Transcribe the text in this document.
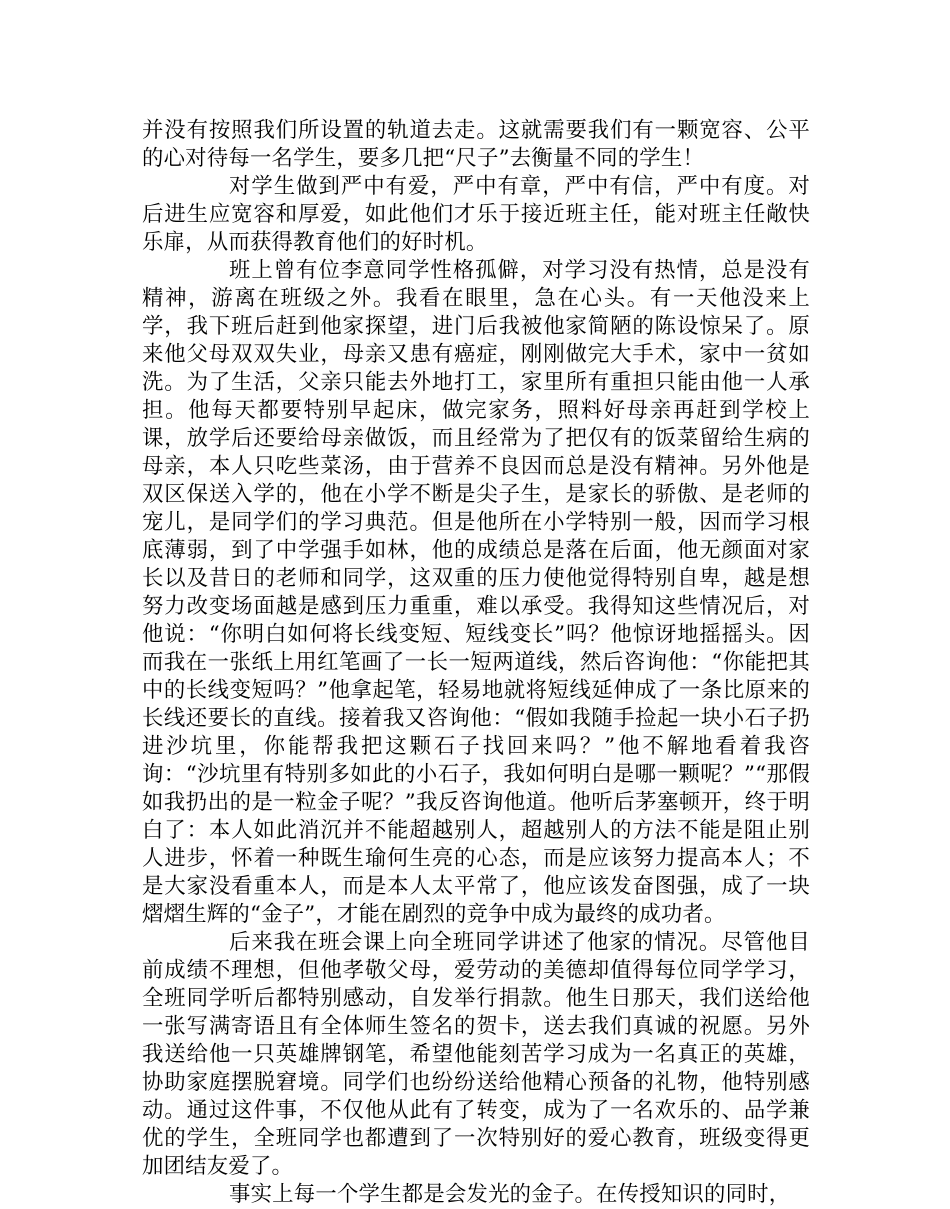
并没有按照我们所设置的轨道去走。这就需要我们有一颗宽容、公平的心对待每一名学生，要多几把“尺子”去衡量不同的学生！

对学生做到严中有爱，严中有章，严中有信，严中有度。对后进生应宽容和厚爱，如此他们才乐于接近班主任，能对班主任敞快乐扉，从而获得教育他们的好时机。

班上曾有位李意同学性格孤僻，对学习没有热情，总是没有精神，游离在班级之外。我看在眼里，急在心头。有一天他没来上学，我下班后赶到他家探望，进门后我被他家简陋的陈设惊呆了。原来他父母双双失业，母亲又患有癌症，刚刚做完大手术，家中一贫如洗。为了生活，父亲只能去外地打工，家里所有重担只能由他一人承担。他每天都要特别早起床，做完家务，照料好母亲再赶到学校上课，放学后还要给母亲做饭，而且经常为了把仅有的饭菜留给生病的母亲，本人只吃些菜汤，由于营养不良因而总是没有精神。另外他是双区保送入学的，他在小学不断是尖子生，是家长的骄傲、是老师的宠儿，是同学们的学习典范。但是他所在小学特别一般，因而学习根底薄弱，到了中学强手如林，他的成绩总是落在后面，他无颜面对家长以及昔日的老师和同学，这双重的压力使他觉得特别自卑，越是想努力改变场面越是感到压力重重，难以承受。我得知这些情况后，对他说：“你明白如何将长线变短、短线变长”吗？他惊讶地摇摇头。因而我在一张纸上用红笔画了一长一短两道线，然后咨询他：“你能把其中的长线变短吗？”他拿起笔，轻易地就将短线延伸成了一条比原来的长线还要长的直线。接着我又咨询他：“假如我随手捡起一块小石子扔进沙坑里，你能帮我把这颗石子找回来吗？”他不解地看着我咨询：“沙坑里有特别多如此的小石子，我如何明白是哪一颗呢？”“那假如我扔出的是一粒金子呢？”我反咨询他道。他听后茅塞顿开，终于明白了：本人如此消沉并不能超越别人，超越别人的方法不能是阻止别人进步，怀着一种既生瑜何生亮的心态，而是应该努力提高本人；不是大家没看重本人，而是本人太平常了，他应该发奋图强，成了一块熠熠生辉的“金子”，才能在剧烈的竞争中成为最终的成功者。

后来我在班会课上向全班同学讲述了他家的情况。尽管他目前成绩不理想，但他孝敬父母，爱劳动的美德却值得每位同学学习，全班同学听后都特别感动，自发举行捐款。他生日那天，我们送给他一张写满寄语且有全体师生签名的贺卡，送去我们真诚的祝愿。另外我送给他一只英雄牌钢笔，希望他能刻苦学习成为一名真正的英雄，协助家庭摆脱窘境。同学们也纷纷送给他精心预备的礼物，他特别感动。通过这件事，不仅他从此有了转变，成为了一名欢乐的、品学兼优的学生，全班同学也都遭到了一次特别好的爱心教育，班级变得更加团结友爱了。

事实上每一个学生都是会发光的金子。在传授知识的同时，
